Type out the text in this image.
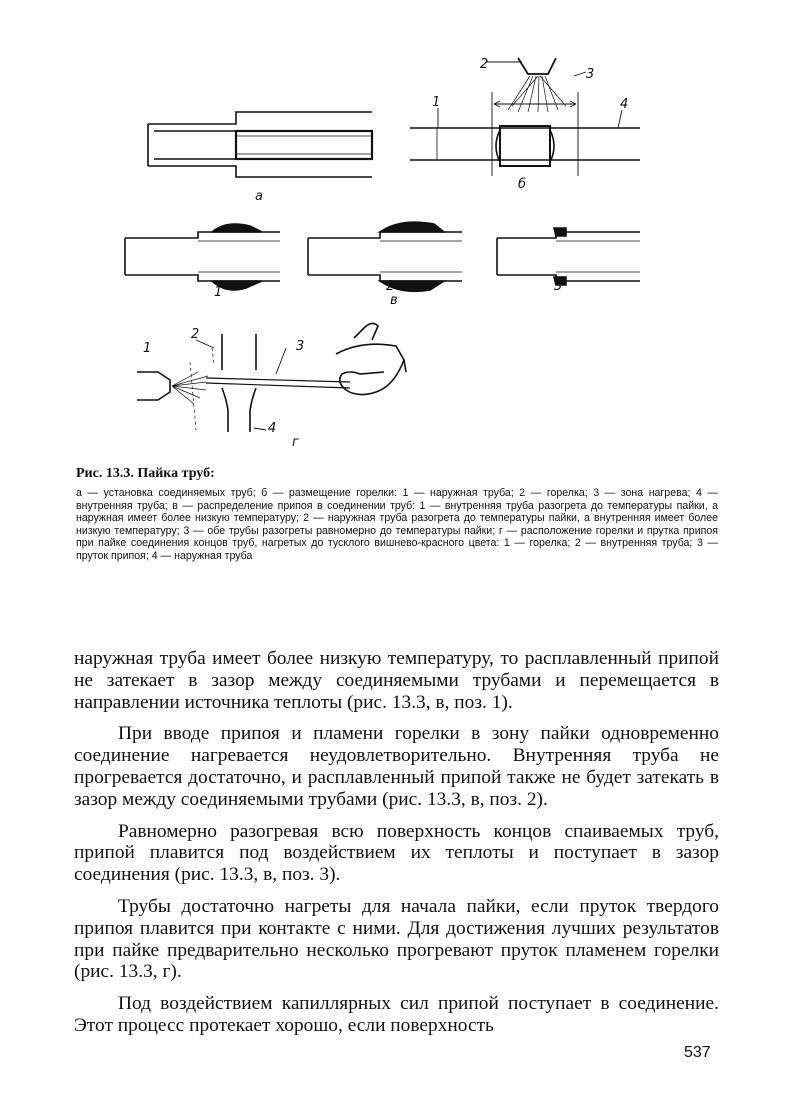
а
б
в
г
1
2
3
4
1	2	3
1
2
3
4
Рис. 13.3. Пайка труб:
а — установка соединяемых труб; б — размещение горелки: 1 — наружная труба; 2 — горелка; 3 — зона нагрева; 4 — внутренняя труба; в — распределение припоя в соединении труб: 1 — внутренняя труба разогрета до температуры пайки, а наружная имеет более низкую температуру; 2 — наружная труба разогрета до температуры пайки, а внутренняя имеет более низкую температуру; 3 — обе трубы разогреты равномерно до температуры пайки; г — расположение горелки и прутка припоя при пайке соединения концов труб, нагретых до тусклого вишнево-красного цвета: 1 — горелка; 2 — внутренняя труба; 3 — пруток припоя; 4 — наружная труба

наружная труба имеет более низкую температуру, то расплавленный припой не затекает в зазор между соединяемыми трубами и перемещается в направлении источника теплоты (рис. 13.3, в, поз. 1).

При вводе припоя и пламени горелки в зону пайки одновременно соединение нагревается неудовлетворительно. Внутренняя труба не прогревается достаточно, и расплавленный припой также не будет затекать в зазор между соединяемыми трубами (рис. 13.3, в, поз. 2).

Равномерно разогревая всю поверхность концов спаиваемых труб, припой плавится под воздействием их теплоты и поступает в зазор соединения (рис. 13.3, в, поз. 3).

Трубы достаточно нагреты для начала пайки, если пруток твердого припоя плавится при контакте с ними. Для достижения лучших результатов при пайке предварительно несколько прогревают пруток пламенем горелки (рис. 13.3, г).

Под воздействием капиллярных сил припой поступает в соединение. Этот процесс протекает хорошо, если поверхность

537
